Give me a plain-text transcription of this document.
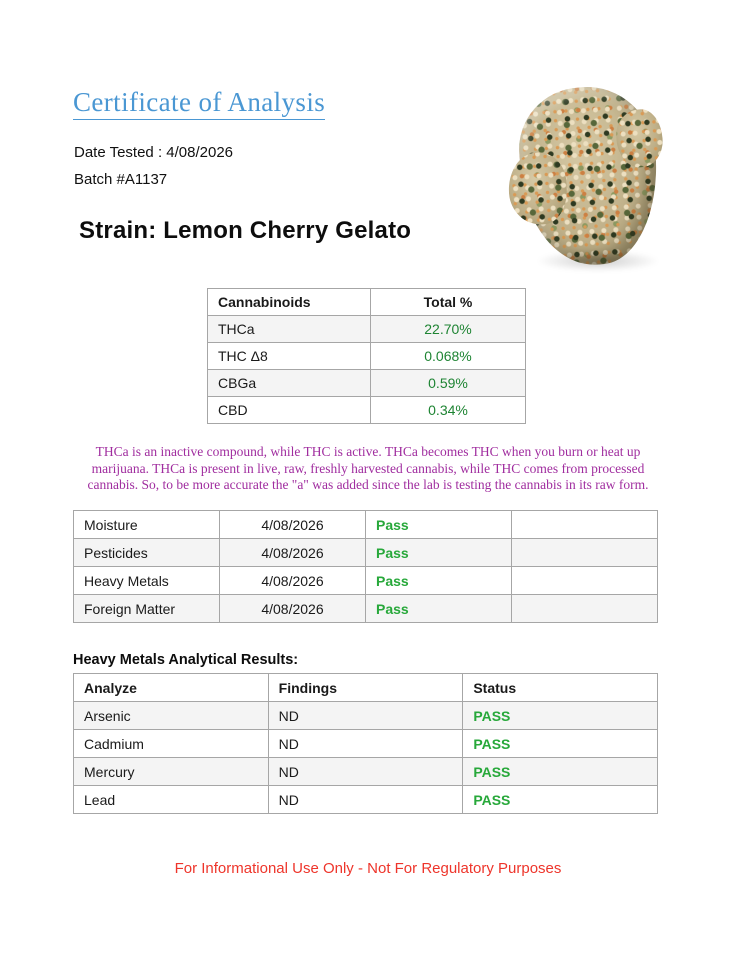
Certificate of Analysis
Date Tested : 4/08/2026
Batch #A1137
Strain: Lemon Cherry Gelato
Cannabinoids	Total %
THCa	22.70%
THC Δ8	0.068%
CBGa	0.59%
CBD	0.34%
THCa is an inactive compound, while THC is active. THCa becomes THC when you burn or heat up marijuana. THCa is present in live, raw, freshly harvested cannabis, while THC comes from processed cannabis. So, to be more accurate the "a" was added since the lab is testing the cannabis in its raw form.
Moisture	4/08/2026	Pass	
Pesticides	4/08/2026	Pass	
Heavy Metals	4/08/2026	Pass	
Foreign Matter	4/08/2026	Pass	
Heavy Metals Analytical Results:
Analyze	Findings	Status
Arsenic	ND	PASS
Cadmium	ND	PASS
Mercury	ND	PASS
Lead	ND	PASS
For Informational Use Only - Not For Regulatory Purposes
